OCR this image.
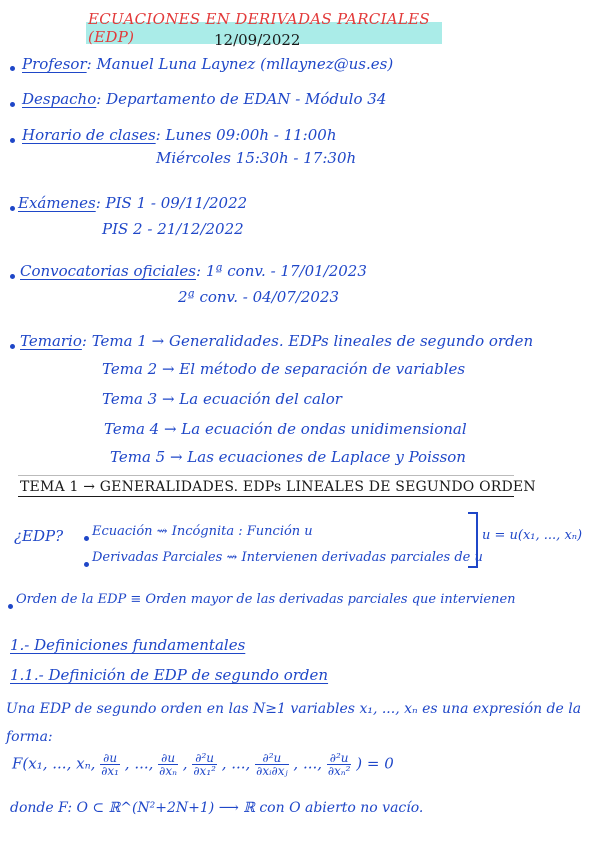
ECUACIONES EN DERIVADAS PARCIALES (EDP)	12/09/2022
Profesor: Manuel Luna Laynez (mllaynez@us.es)
Despacho: Departamento de EDAN - Módulo 34
Horario de clases: Lunes 09:00h - 11:00h
Miércoles 15:30h - 17:30h
Exámenes: PIS 1 - 09/11/2022
PIS 2 - 21/12/2022
Convocatorias oficiales: 1ª conv. - 17/01/2023
2ª conv. - 04/07/2023
Temario: Tema 1 → Generalidades. EDPs lineales de segundo orden
Tema 2 → El método de separación de variables
Tema 3 → La ecuación del calor
Tema 4 → La ecuación de ondas unidimensional
Tema 5 → Las ecuaciones de Laplace y Poisson
TEMA 1 → GENERALIDADES. EDPs LINEALES DE SEGUNDO ORDEN
¿EDP? Ecuación ⇝ Incógnita : Función u
Derivadas Parciales ⇝ Intervienen derivadas parciales de u
u = u(x₁, ..., xₙ)
Orden de la EDP ≡ Orden mayor de las derivadas parciales que intervienen
1.- Definiciones fundamentales
1.1.- Definición de EDP de segundo orden
Una EDP de segundo orden en las N≥1 variables x₁, ..., xₙ es una expresión de la
forma:
F(x₁, ..., xₙ, $\frac{\partial u}{\text{∂x₁}}$ , ..., $\frac{\partial u}{\text{∂xₙ}}$ , $\frac{\text{∂²u}}{\text{∂x₁²}}$ , ..., $\frac{\text{∂²u}}{\text{∂xᵢ∂xⱼ}}$ , ..., $\frac{\text{∂²u}}{\text{∂xₙ²}}$ ) = 0
donde F: O ⊂ ℝ^(N²+2N+1) ⟶ ℝ con O abierto no vacío.
